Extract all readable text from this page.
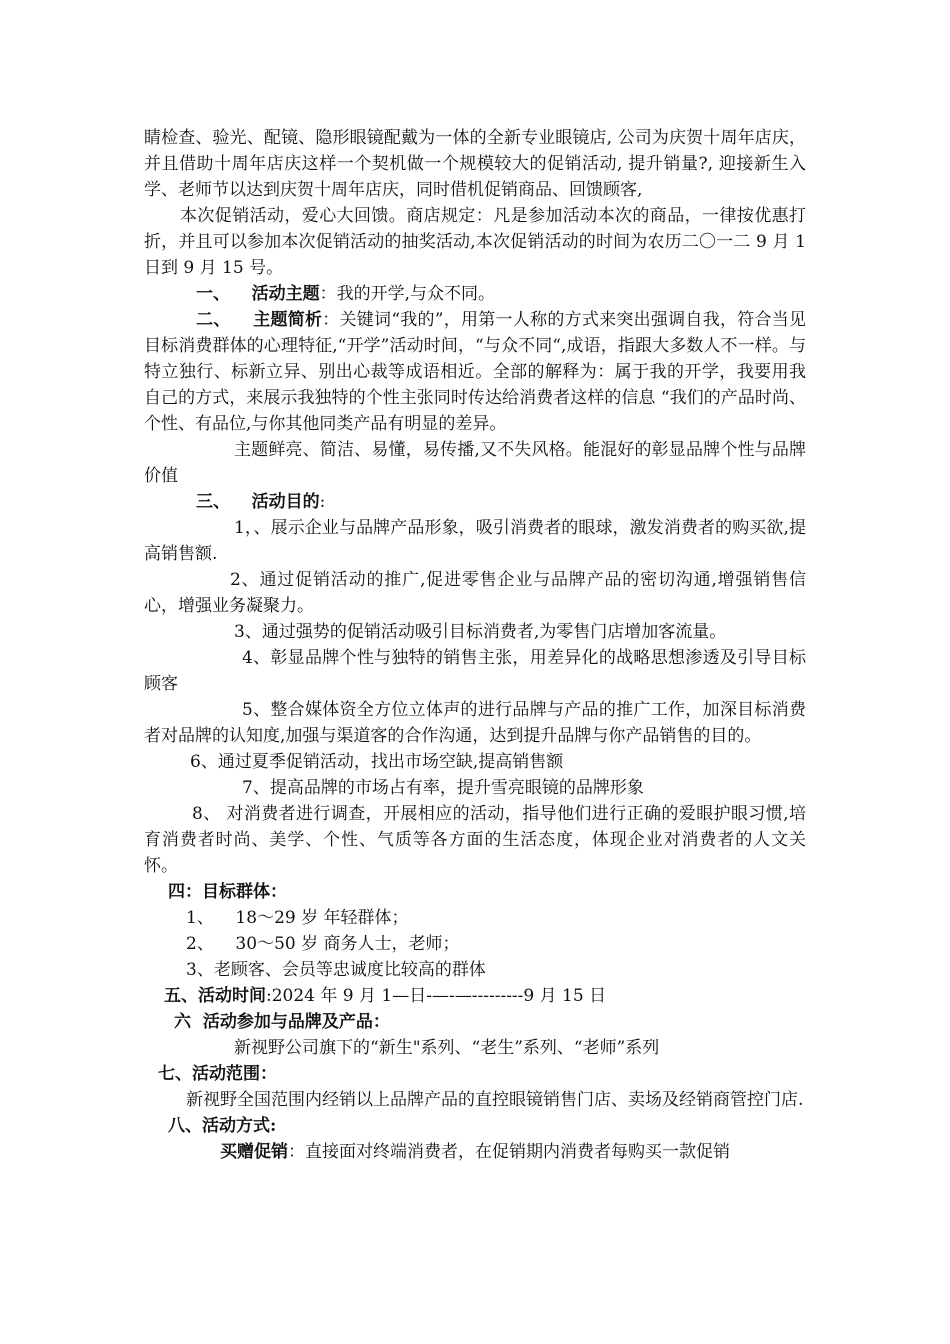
睛检查、验光、配镜、隐形眼镜配戴为一体的全新专业眼镜店, 公司为庆贺十周年店庆，并且借助十周年店庆这样一个契机做一个规模较大的促销活动, 提升销量?, 迎接新生入学、老师节以达到庆贺十周年店庆，同时借机促销商品、回馈顾客,

本次促销活动，爱心大回馈。商店规定：凡是参加活动本次的商品，一律按优惠打折，并且可以参加本次促销活动的抽奖活动,本次促销活动的时间为农历二〇一二 9 月 1 日到 9 月 15 号。

一、 活动主题：我的开学,与众不同。

二、 主题简析：关键词“我的”，用第一人称的方式来突出强调自我，符合当见目标消费群体的心理特征,“开学”活动时间，“与众不同“,成语，指跟大多数人不一样。与特立独行、标新立异、别出心裁等成语相近。全部的解释为：属于我的开学，我要用我自己的方式，来展示我独特的个性主张同时传达给消费者这样的信息 “我们的产品时尚、个性、有品位,与你其他同类产品有明显的差异。

主题鲜亮、简洁、易懂，易传播,又不失风格。能混好的彰显品牌个性与品牌价值

三、 活动目的:

1，、展示企业与品牌产品形象，吸引消费者的眼球，激发消费者的购买欲,提高销售额.

2、通过促销活动的推广,促进零售企业与品牌产品的密切沟通,增强销售信心，增强业务凝聚力。

3、通过强势的促销活动吸引目标消费者,为零售门店增加客流量。

4、彰显品牌个性与独特的销售主张，用差异化的战略思想渗透及引导目标顾客

5、整合媒体资全方位立体声的进行品牌与产品的推广工作，加深目标消费者对品牌的认知度,加强与渠道客的合作沟通，达到提升品牌与你产品销售的目的。

6、通过夏季促销活动，找出市场空缺,提高销售额

7、提高品牌的市场占有率，提升雪亮眼镜的品牌形象

8、 对消费者进行调查，开展相应的活动，指导他们进行正确的爱眼护眼习惯,培育消费者时尚、美学、个性、气质等各方面的生活态度，体现企业对消费者的人文关怀。

四：目标群体：

1、    18～29 岁 年轻群体；

2、    30～50 岁 商务人士，老师；

3、老顾客、会员等忠诚度比较高的群体

五、活动时间:2024 年 9 月 1—日-—-—---------9 月 15 日

六  活动参加与品牌及产品：

新视野公司旗下的“新生"系列、“老生”系列、“老师”系列

七、活动范围：

新视野全国范围内经销以上品牌产品的直控眼镜销售门店、卖场及经销商管控门店.

八、活动方式:

买赠促销：直接面对终端消费者，在促销期内消费者每购买一款促销
